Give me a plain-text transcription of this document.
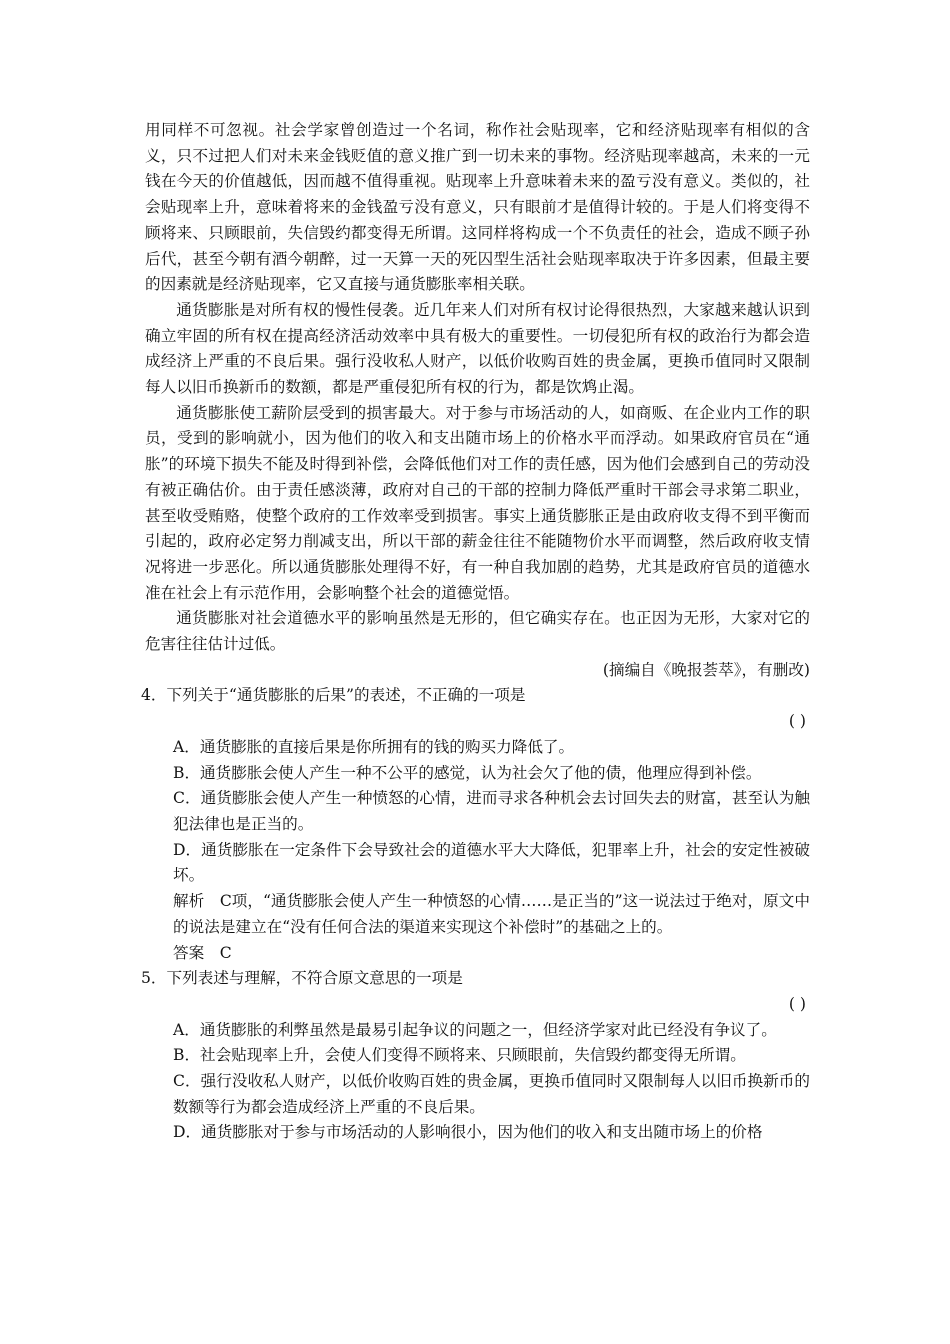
用同样不可忽视。社会学家曾创造过一个名词，称作社会贴现率，它和经济贴现率有相似的含义，只不过把人们对未来金钱贬值的意义推广到一切未来的事物。经济贴现率越高，未来的一元钱在今天的价值越低，因而越不值得重视。贴现率上升意味着未来的盈亏没有意义。类似的，社会贴现率上升，意味着将来的金钱盈亏没有意义，只有眼前才是值得计较的。于是人们将变得不顾将来、只顾眼前，失信毁约都变得无所谓。这同样将构成一个不负责任的社会，造成不顾子孙后代，甚至今朝有酒今朝醉，过一天算一天的死囚型生活社会贴现率取决于许多因素，但最主要的因素就是经济贴现率，它又直接与通货膨胀率相关联。

通货膨胀是对所有权的慢性侵袭。近几年来人们对所有权讨论得很热烈，大家越来越认识到确立牢固的所有权在提高经济活动效率中具有极大的重要性。一切侵犯所有权的政治行为都会造成经济上严重的不良后果。强行没收私人财产，以低价收购百姓的贵金属，更换币值同时又限制每人以旧币换新币的数额，都是严重侵犯所有权的行为，都是饮鸩止渴。

通货膨胀使工薪阶层受到的损害最大。对于参与市场活动的人，如商贩、在企业内工作的职员，受到的影响就小，因为他们的收入和支出随市场上的价格水平而浮动。如果政府官员在“通胀”的环境下损失不能及时得到补偿，会降低他们对工作的责任感，因为他们会感到自己的劳动没有被正确估价。由于责任感淡薄，政府对自己的干部的控制力降低严重时干部会寻求第二职业，甚至收受贿赂，使整个政府的工作效率受到损害。事实上通货膨胀正是由政府收支得不到平衡而引起的，政府必定努力削减支出，所以干部的薪金往往不能随物价水平而调整，然后政府收支情况将进一步恶化。所以通货膨胀处理得不好，有一种自我加剧的趋势，尤其是政府官员的道德水准在社会上有示范作用，会影响整个社会的道德觉悟。

通货膨胀对社会道德水平的影响虽然是无形的，但它确实存在。也正因为无形，大家对它的危害往往估计过低。

(摘编自《晚报荟萃》，有删改)

4．下列关于“通货膨胀的后果”的表述，不正确的一项是

( )

A．通货膨胀的直接后果是你所拥有的钱的购买力降低了。

B．通货膨胀会使人产生一种不公平的感觉，认为社会欠了他的债，他理应得到补偿。

C．通货膨胀会使人产生一种愤怒的心情，进而寻求各种机会去讨回失去的财富，甚至认为触犯法律也是正当的。

D．通货膨胀在一定条件下会导致社会的道德水平大大降低，犯罪率上升，社会的安定性被破坏。

解析　C项，“通货膨胀会使人产生一种愤怒的心情……是正当的”这一说法过于绝对，原文中的说法是建立在“没有任何合法的渠道来实现这个补偿时”的基础之上的。

答案　C

5．下列表述与理解，不符合原文意思的一项是

( )

A．通货膨胀的利弊虽然是最易引起争议的问题之一，但经济学家对此已经没有争议了。

B．社会贴现率上升，会使人们变得不顾将来、只顾眼前，失信毁约都变得无所谓。

C．强行没收私人财产，以低价收购百姓的贵金属，更换币值同时又限制每人以旧币换新币的数额等行为都会造成经济上严重的不良后果。

D．通货膨胀对于参与市场活动的人影响很小，因为他们的收入和支出随市场上的价格
